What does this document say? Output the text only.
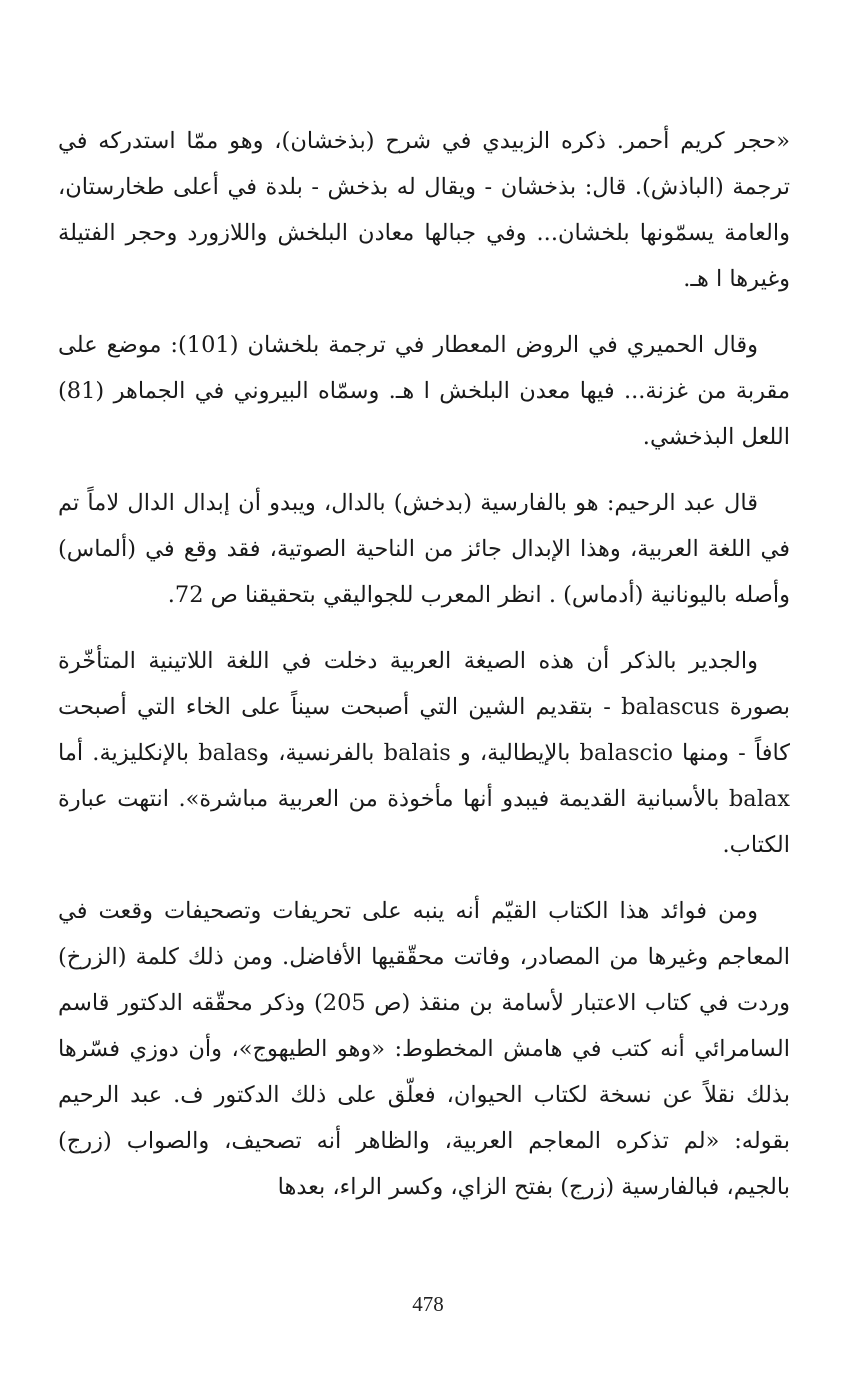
«حجر كريم أحمر. ذكره الزبيدي في شرح (بذخشان)، وهو ممّا استدركه في ترجمة (الباذش). قال: بذخشان - ويقال له بذخش - بلدة في أعلى طخارستان، والعامة يسمّونها بلخشان... وفي جبالها معادن البلخش واللازورد وحجر الفتيلة وغيرها ا هـ.

وقال الحميري في الروض المعطار في ترجمة بلخشان (101): موضع على مقربة من غزنة... فيها معدن البلخش ا هـ. وسمّاه البيروني في الجماهر (81) اللعل البذخشي.

قال عبد الرحيم: هو بالفارسية (بدخش) بالدال، ويبدو أن إبدال الدال لاماً تم في اللغة العربية، وهذا الإبدال جائز من الناحية الصوتية، فقد وقع في (ألماس) وأصله باليونانية (أدماس) . انظر المعرب للجواليقي بتحقيقنا ص 72.

والجدير بالذكر أن هذه الصيغة العربية دخلت في اللغة اللاتينية المتأخّرة بصورة balascus - بتقديم الشين التي أصبحت سيناً على الخاء التي أصبحت كافاً - ومنها balascio بالإيطالية، و balais بالفرنسية، وbalas بالإنكليزية. أما balax بالأسبانية القديمة فيبدو أنها مأخوذة من العربية مباشرة». انتهت عبارة الكتاب.

ومن فوائد هذا الكتاب القيّم أنه ينبه على تحريفات وتصحيفات وقعت في المعاجم وغيرها من المصادر، وفاتت محقّقيها الأفاضل. ومن ذلك كلمة (الزرخ) وردت في كتاب الاعتبار لأسامة بن منقذ (ص 205) وذكر محقّقه الدكتور قاسم السامرائي أنه كتب في هامش المخطوط: «وهو الطيهوج»، وأن دوزي فسّرها بذلك نقلاً عن نسخة لكتاب الحيوان، فعلّق على ذلك الدكتور ف. عبد الرحيم بقوله: «لم تذكره المعاجم العربية، والظاهر أنه تصحيف، والصواب (زرج) بالجيم، فبالفارسية (زرج) بفتح الزاي، وكسر الراء، بعدها

478
